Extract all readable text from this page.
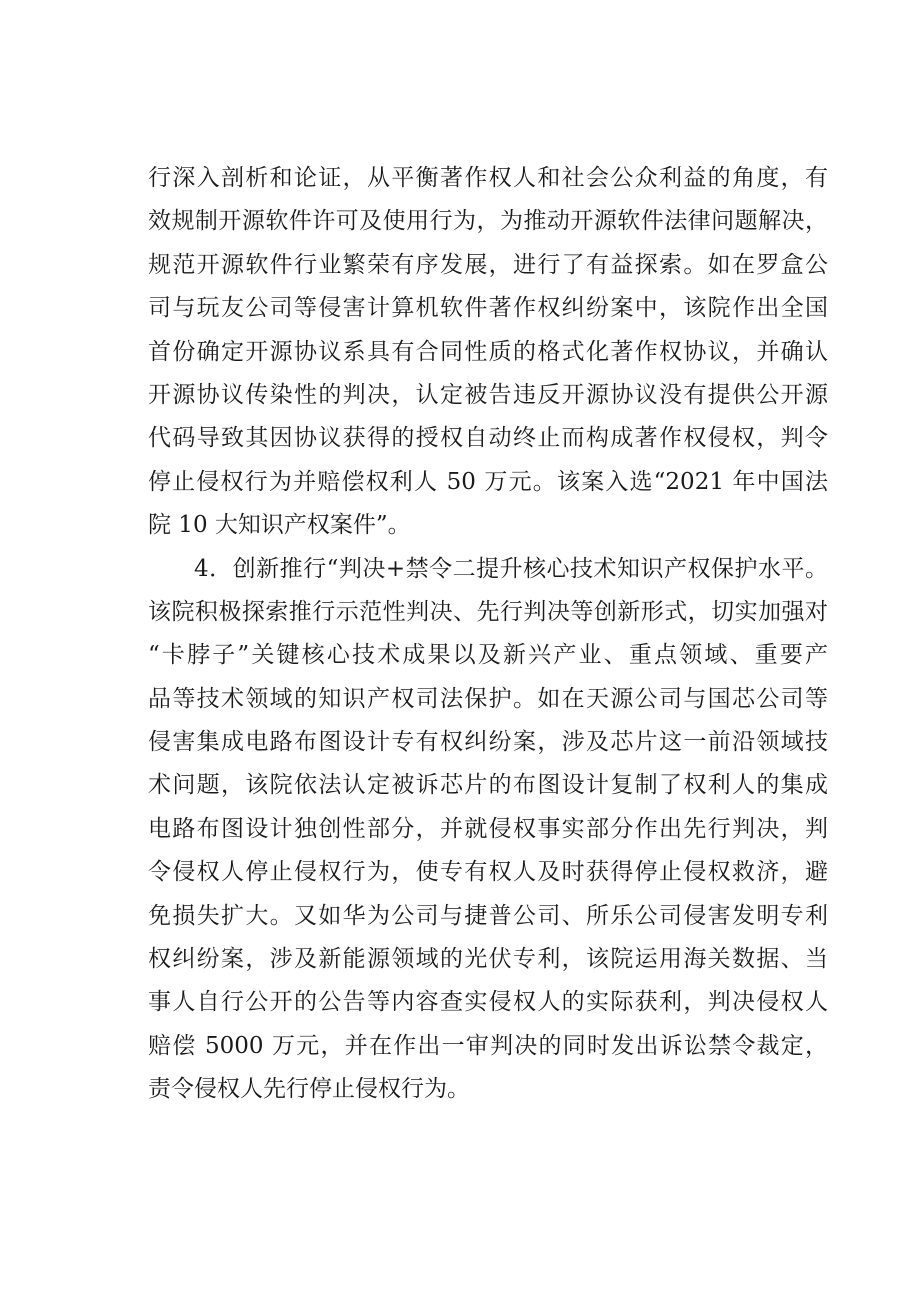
行深入剖析和论证，从平衡著作权人和社会公众利益的角度，有
效规制开源软件许可及使用行为，为推动开源软件法律问题解决，
规范开源软件行业繁荣有序发展，进行了有益探索。如在罗盒公
司与玩友公司等侵害计算机软件著作权纠纷案中，该院作出全国
首份确定开源协议系具有合同性质的格式化著作权协议，并确认
开源协议传染性的判决，认定被告违反开源协议没有提供公开源
代码导致其因协议获得的授权自动终止而构成著作权侵权，判令
停止侵权行为并赔偿权利人 50 万元。该案入选“2021 年中国法
院 10 大知识产权案件”。
4．创新推行“判决+禁令二提升核心技术知识产权保护水平。
该院积极探索推行示范性判决、先行判决等创新形式，切实加强对
“卡脖子”关键核心技术成果以及新兴产业、重点领域、重要产
品等技术领域的知识产权司法保护。如在天源公司与国芯公司等
侵害集成电路布图设计专有权纠纷案，涉及芯片这一前沿领域技
术问题，该院依法认定被诉芯片的布图设计复制了权利人的集成
电路布图设计独创性部分，并就侵权事实部分作出先行判决，判
令侵权人停止侵权行为，使专有权人及时获得停止侵权救济，避
免损失扩大。又如华为公司与捷普公司、所乐公司侵害发明专利
权纠纷案，涉及新能源领域的光伏专利，该院运用海关数据、当
事人自行公开的公告等内容查实侵权人的实际获利，判决侵权人
赔偿 5000 万元，并在作出一审判决的同时发出诉讼禁令裁定，
责令侵权人先行停止侵权行为。
